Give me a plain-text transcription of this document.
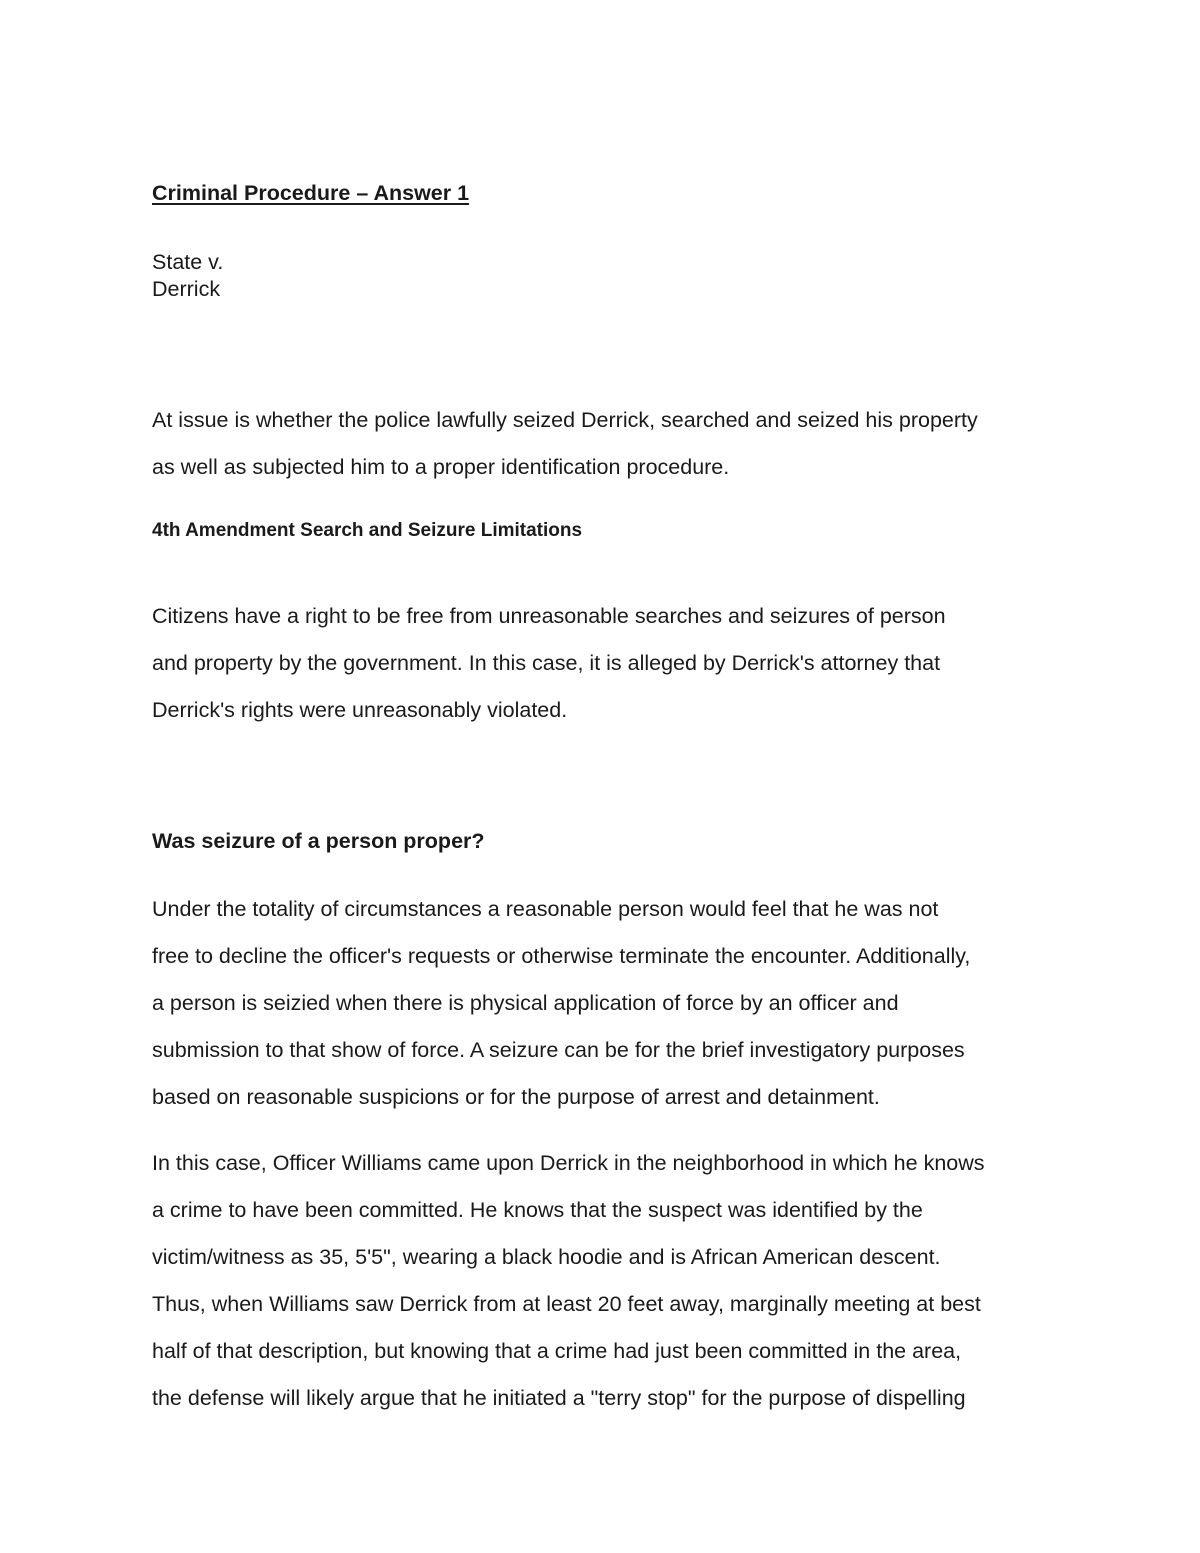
Criminal Procedure – Answer 1
State v.
Derrick
At issue is whether the police lawfully seized Derrick, searched and seized his property
as well as subjected him to a proper identification procedure.
4th Amendment Search and Seizure Limitations
Citizens have a right to be free from unreasonable searches and seizures of person
and property by the government. In this case, it is alleged by Derrick's attorney that
Derrick's rights were unreasonably violated.
Was seizure of a person proper?
Under the totality of circumstances a reasonable person would feel that he was not
free to decline the officer's requests or otherwise terminate the encounter. Additionally,
a person is seizied when there is physical application of force by an officer and
submission to that show of force. A seizure can be for the brief investigatory purposes
based on reasonable suspicions or for the purpose of arrest and detainment.
In this case, Officer Williams came upon Derrick in the neighborhood in which he knows
a crime to have been committed. He knows that the suspect was identified by the
victim/witness as 35, 5'5", wearing a black hoodie and is African American descent.
Thus, when Williams saw Derrick from at least 20 feet away, marginally meeting at best
half of that description, but knowing that a crime had just been committed in the area,
the defense will likely argue that he initiated a "terry stop" for the purpose of dispelling
